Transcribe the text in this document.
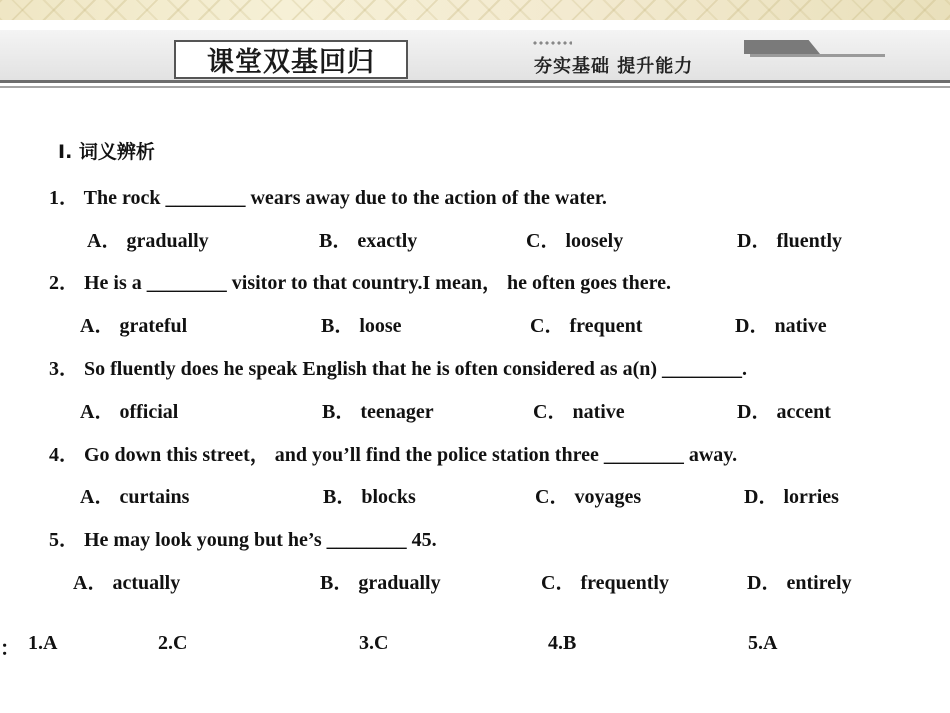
课堂双基回归	夯实基础 提升能力
Ⅰ. 词义辨析
1． The rock ________ wears away due to the action of the water.
A． gradually	B． exactly	C． loosely	D． fluently
2． He is a ________ visitor to that country.I mean， he often goes there.
A． grateful	B． loose	C． frequent	D． native
3． So fluently does he speak English that he is often considered as a(n) ________.
A． official	B． teenager	C． native	D． accent
4． Go down this street， and you’ll find the police station three ________ away.
A． curtains	B． blocks	C． voyages	D． lorries
5． He may look young but he’s ________ 45.
A． actually	B． gradually	C． frequently	D． entirely
： 1.A	2.C	3.C	4.B	5.A
